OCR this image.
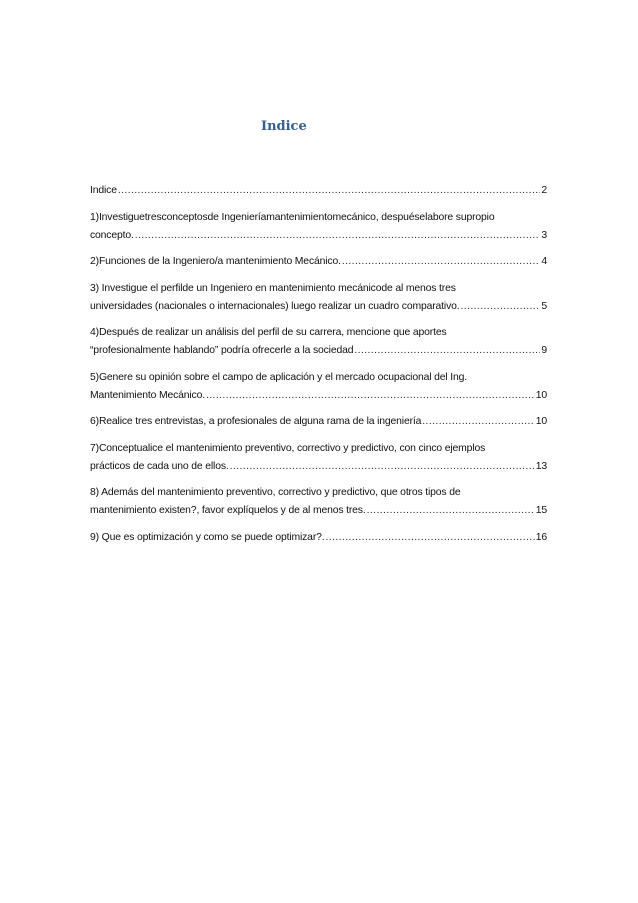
Indice
Indice .....	2
1)Investiguetresconceptosde Ingenieríamantenimientomecánico, despuéselabore supropio
concepto. .....	3
2)Funciones de la Ingeniero/a mantenimiento Mecánico. .....	4
3) Investigue el perfilde un Ingeniero en mantenimiento mecánicode al menos tres
universidades (nacionales o internacionales) luego realizar un cuadro comparativo. .....	5
4)Después de realizar un análisis del perfil de su carrera, mencione que aportes
“profesionalmente hablando” podría ofrecerle a la sociedad .....	9
5)Genere su opinión sobre el campo de aplicación y el mercado ocupacional del Ing.
Mantenimiento Mecánico. .....	10
6)Realice tres entrevistas, a profesionales de alguna rama de la ingeniería .....	10
7)Conceptualice el mantenimiento preventivo, correctivo y predictivo, con cinco ejemplos
prácticos de cada uno de ellos. .....	13
8) Además del mantenimiento preventivo, correctivo y predictivo, que otros tipos de
mantenimiento existen?, favor explíquelos y de al menos tres. .....	15
9) Que es optimización y como se puede optimizar?. .....	16
